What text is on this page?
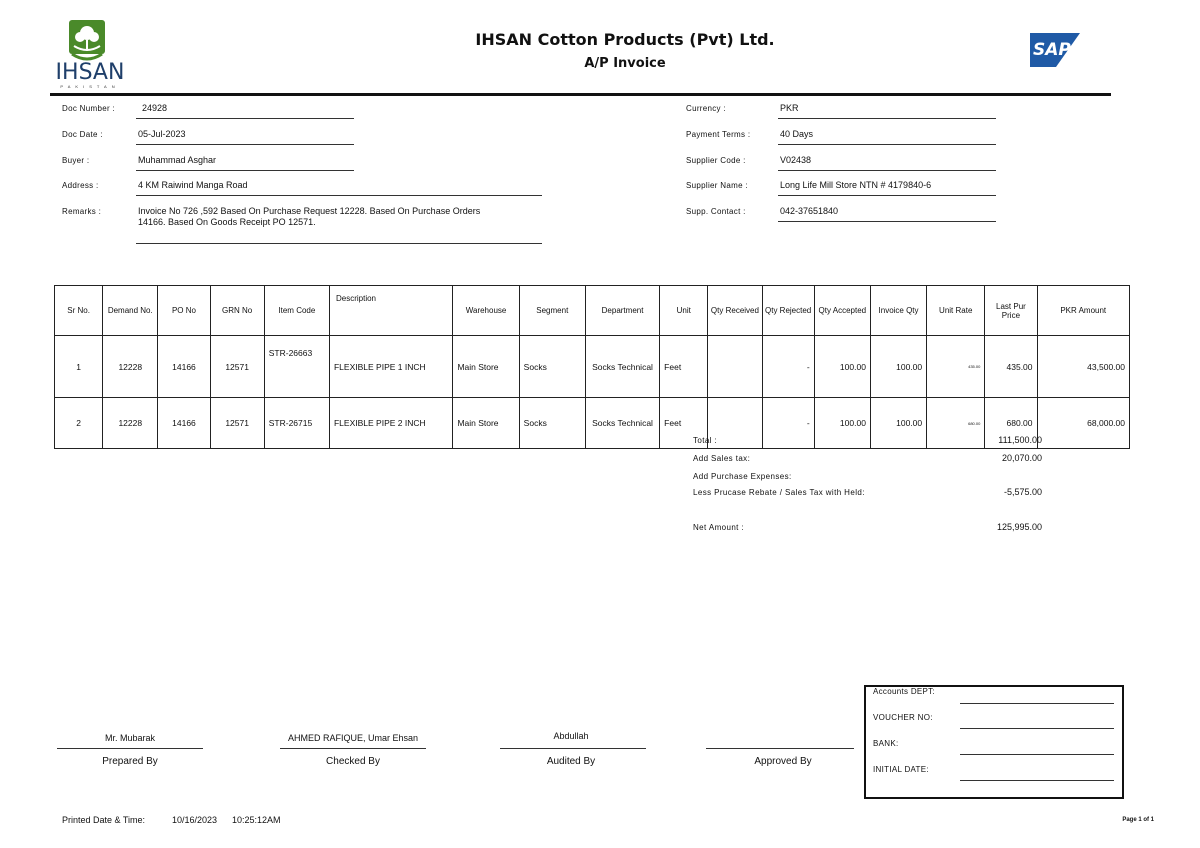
IHSAN
PAKISTAN
IHSAN Cotton Products (Pvt) Ltd.
A/P Invoice
SAP
Doc Number :	24928
Doc Date :	05-Jul-2023
Buyer :	Muhammad Asghar
Address :	4 KM Raiwind Manga Road
Remarks :	Invoice No 726 ,592 Based On Purchase Request 12228. Based On Purchase Orders
14166. Based On Goods Receipt PO 12571.
Currency :	PKR
Payment Terms :	40 Days
Supplier Code :	V02438
Supplier Name :	Long Life Mill Store NTN # 4179840-6
Supp. Contact :	042-37651840
Sr No.	Demand No.	PO No	GRN No	Item Code	Description	Warehouse	Segment	Department	Unit	Qty Received	Qty Rejected	Qty Accepted	Invoice Qty	Unit Rate	Last Pur Price	PKR Amount
1	12228	14166	12571	STR-26663	FLEXIBLE PIPE 1 INCH	Main Store	Socks	Socks Technical	Feet		-	100.00	100.00	435.00	435.00	43,500.00
2	12228	14166	12571	STR-26715	FLEXIBLE PIPE 2 INCH	Main Store	Socks	Socks Technical	Feet		-	100.00	100.00	680.00	680.00	68,000.00
Total :	111,500.00
Add Sales tax:	20,070.00
Add Purchase Expenses:
Less Prucase Rebate / Sales Tax with Held:	-5,575.00
Net Amount :	125,995.00
Mr. Mubarak
Prepared By
AHMED RAFIQUE, Umar Ehsan
Checked By
Abdullah
Audited By	Approved By
Accounts DEPT:
VOUCHER NO:
BANK:
INITIAL DATE:
Printed Date & Time:	10/16/2023 10:25:12AM	Page 1 of 1
